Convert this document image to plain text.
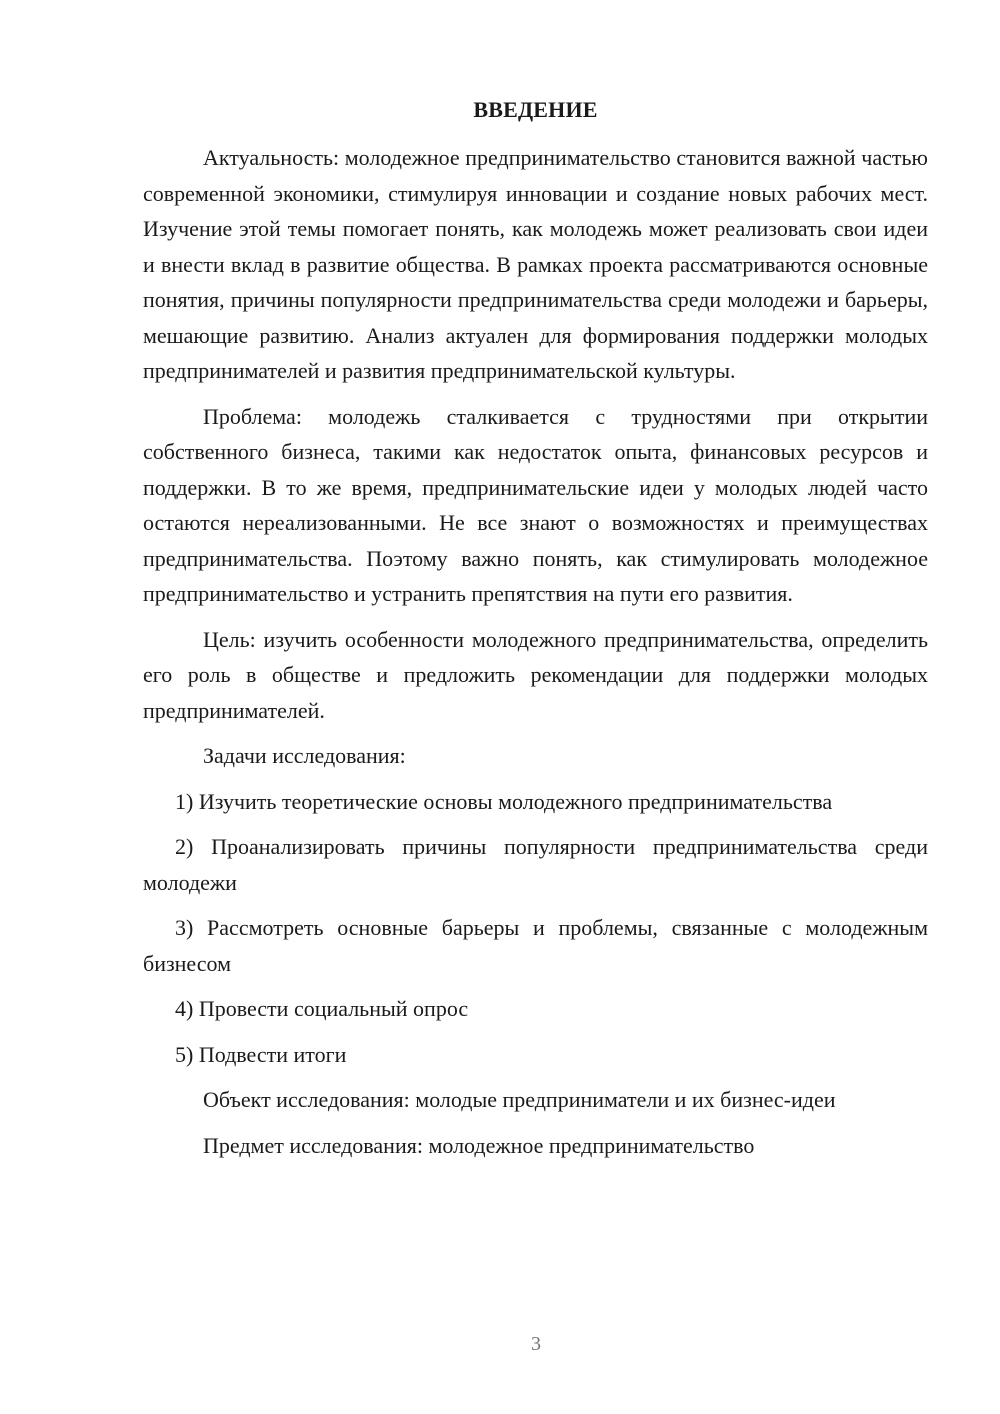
ВВЕДЕНИЕ

Актуальность: молодежное предпринимательство становится важной частью современной экономики, стимулируя инновации и создание новых рабочих мест. Изучение этой темы помогает понять, как молодежь может реализовать свои идеи и внести вклад в развитие общества. В рамках проекта рассматриваются основные понятия, причины популярности предпринимательства среди молодежи и барьеры, мешающие развитию. Анализ актуален для формирования поддержки молодых предпринимателей и развития предпринимательской культуры.

Проблема: молодежь сталкивается с трудностями при открытии собственного бизнеса, такими как недостаток опыта, финансовых ресурсов и поддержки. В то же время, предпринимательские идеи у молодых людей часто остаются нереализованными. Не все знают о возможностях и преимуществах предпринимательства. Поэтому важно понять, как стимулировать молодежное предпринимательство и устранить препятствия на пути его развития.

Цель: изучить особенности молодежного предпринимательства, определить его роль в обществе и предложить рекомендации для поддержки молодых предпринимателей.

Задачи исследования:

1) Изучить теоретические основы молодежного предпринимательства

2) Проанализировать причины популярности предпринимательства среди молодежи

3) Рассмотреть основные барьеры и проблемы, связанные с молодежным бизнесом

4) Провести социальный опрос

5) Подвести итоги

Объект исследования: молодые предприниматели и их бизнес-идеи

Предмет исследования: молодежное предпринимательство

3
